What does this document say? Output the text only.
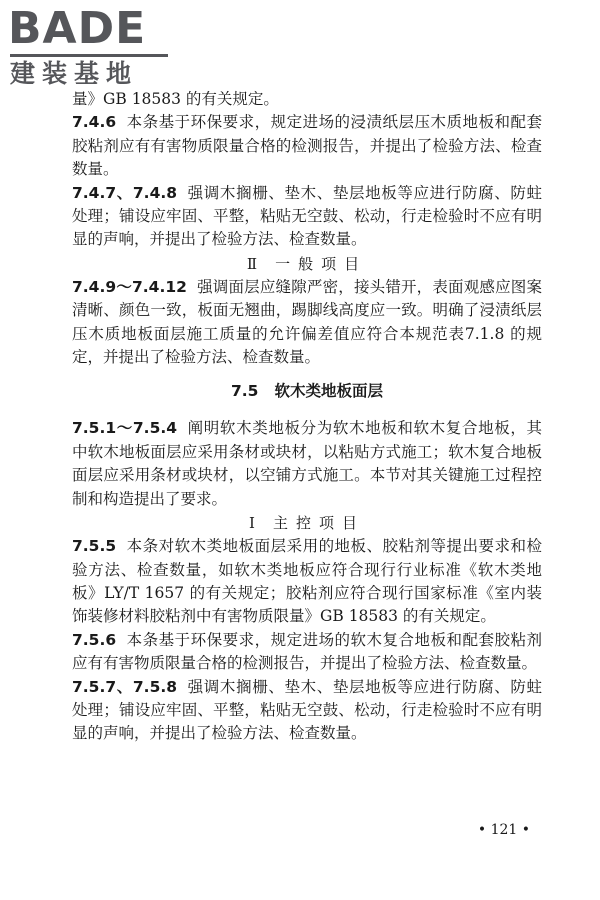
BADE
建装基地

量》GB 18583 的有关规定。

7.4.6 本条基于环保要求，规定进场的浸渍纸层压木质地板和配套胶粘剂应有有害物质限量合格的检测报告，并提出了检验方法、检查数量。

7.4.7、7.4.8 强调木搁栅、垫木、垫层地板等应进行防腐、防蛀处理；铺设应牢固、平整，粘贴无空鼓、松动，行走检验时不应有明显的声响，并提出了检验方法、检查数量。

Ⅱ 一般项目

7.4.9～7.4.12 强调面层应缝隙严密，接头错开，表面观感应图案清晰、颜色一致，板面无翘曲，踢脚线高度应一致。明确了浸渍纸层压木质地板面层施工质量的允许偏差值应符合本规范表7.1.8 的规定，并提出了检验方法、检查数量。

7.5 软木类地板面层

7.5.1～7.5.4 阐明软木类地板分为软木地板和软木复合地板，其中软木地板面层应采用条材或块材，以粘贴方式施工；软木复合地板面层应采用条材或块材，以空铺方式施工。本节对其关键施工过程控制和构造提出了要求。

Ⅰ 主控项目

7.5.5 本条对软木类地板面层采用的地板、胶粘剂等提出要求和检验方法、检查数量，如软木类地板应符合现行行业标准《软木类地板》LY/T 1657 的有关规定；胶粘剂应符合现行国家标准《室内装饰装修材料胶粘剂中有害物质限量》GB 18583 的有关规定。

7.5.6 本条基于环保要求，规定进场的软木复合地板和配套胶粘剂应有有害物质限量合格的检测报告，并提出了检验方法、检查数量。

7.5.7、7.5.8 强调木搁栅、垫木、垫层地板等应进行防腐、防蛀处理；铺设应牢固、平整，粘贴无空鼓、松动，行走检验时不应有明显的声响，并提出了检验方法、检查数量。

• 121 •
